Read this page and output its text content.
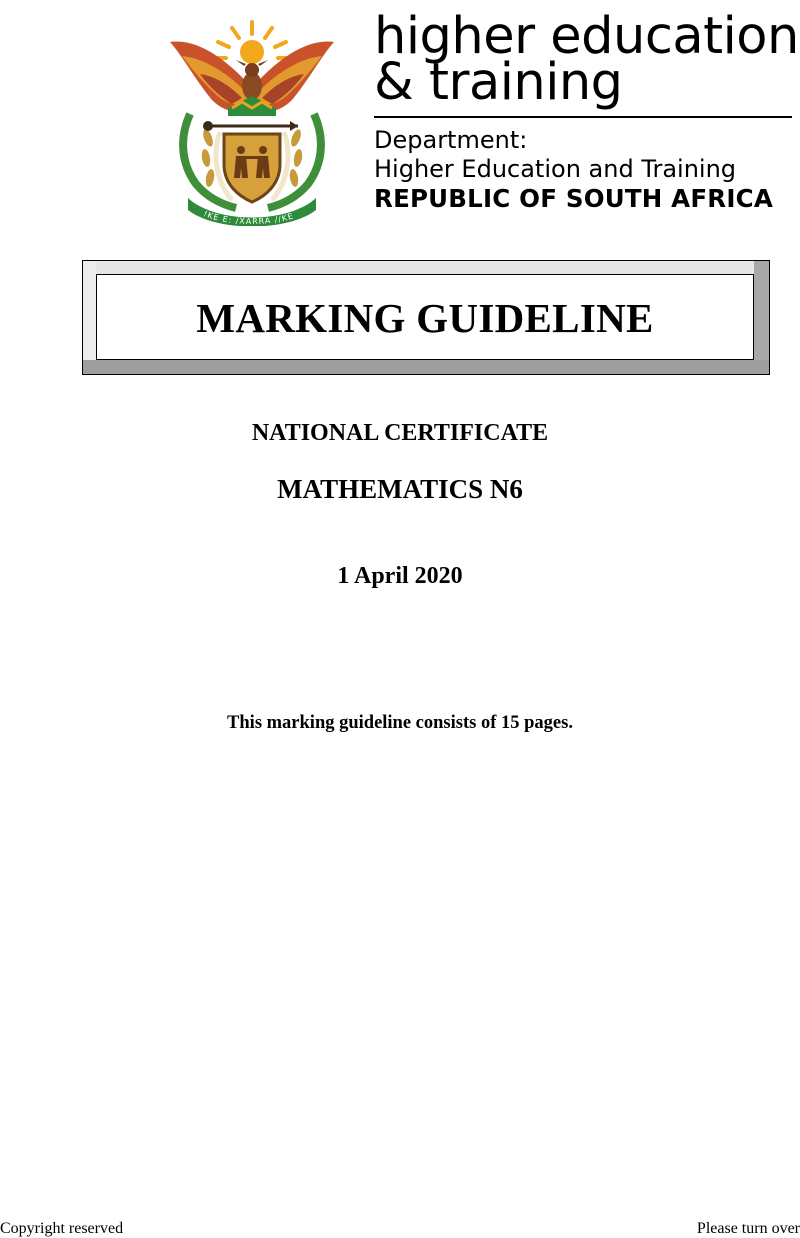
!KE E: /XARRA //KE
higher education
& training
Department:
Higher Education and Training
REPUBLIC OF SOUTH AFRICA
MARKING GUIDELINE
NATIONAL CERTIFICATE
MATHEMATICS N6
1 April 2020
This marking guideline consists of 15 pages.
Copyright reserved	Please turn over
